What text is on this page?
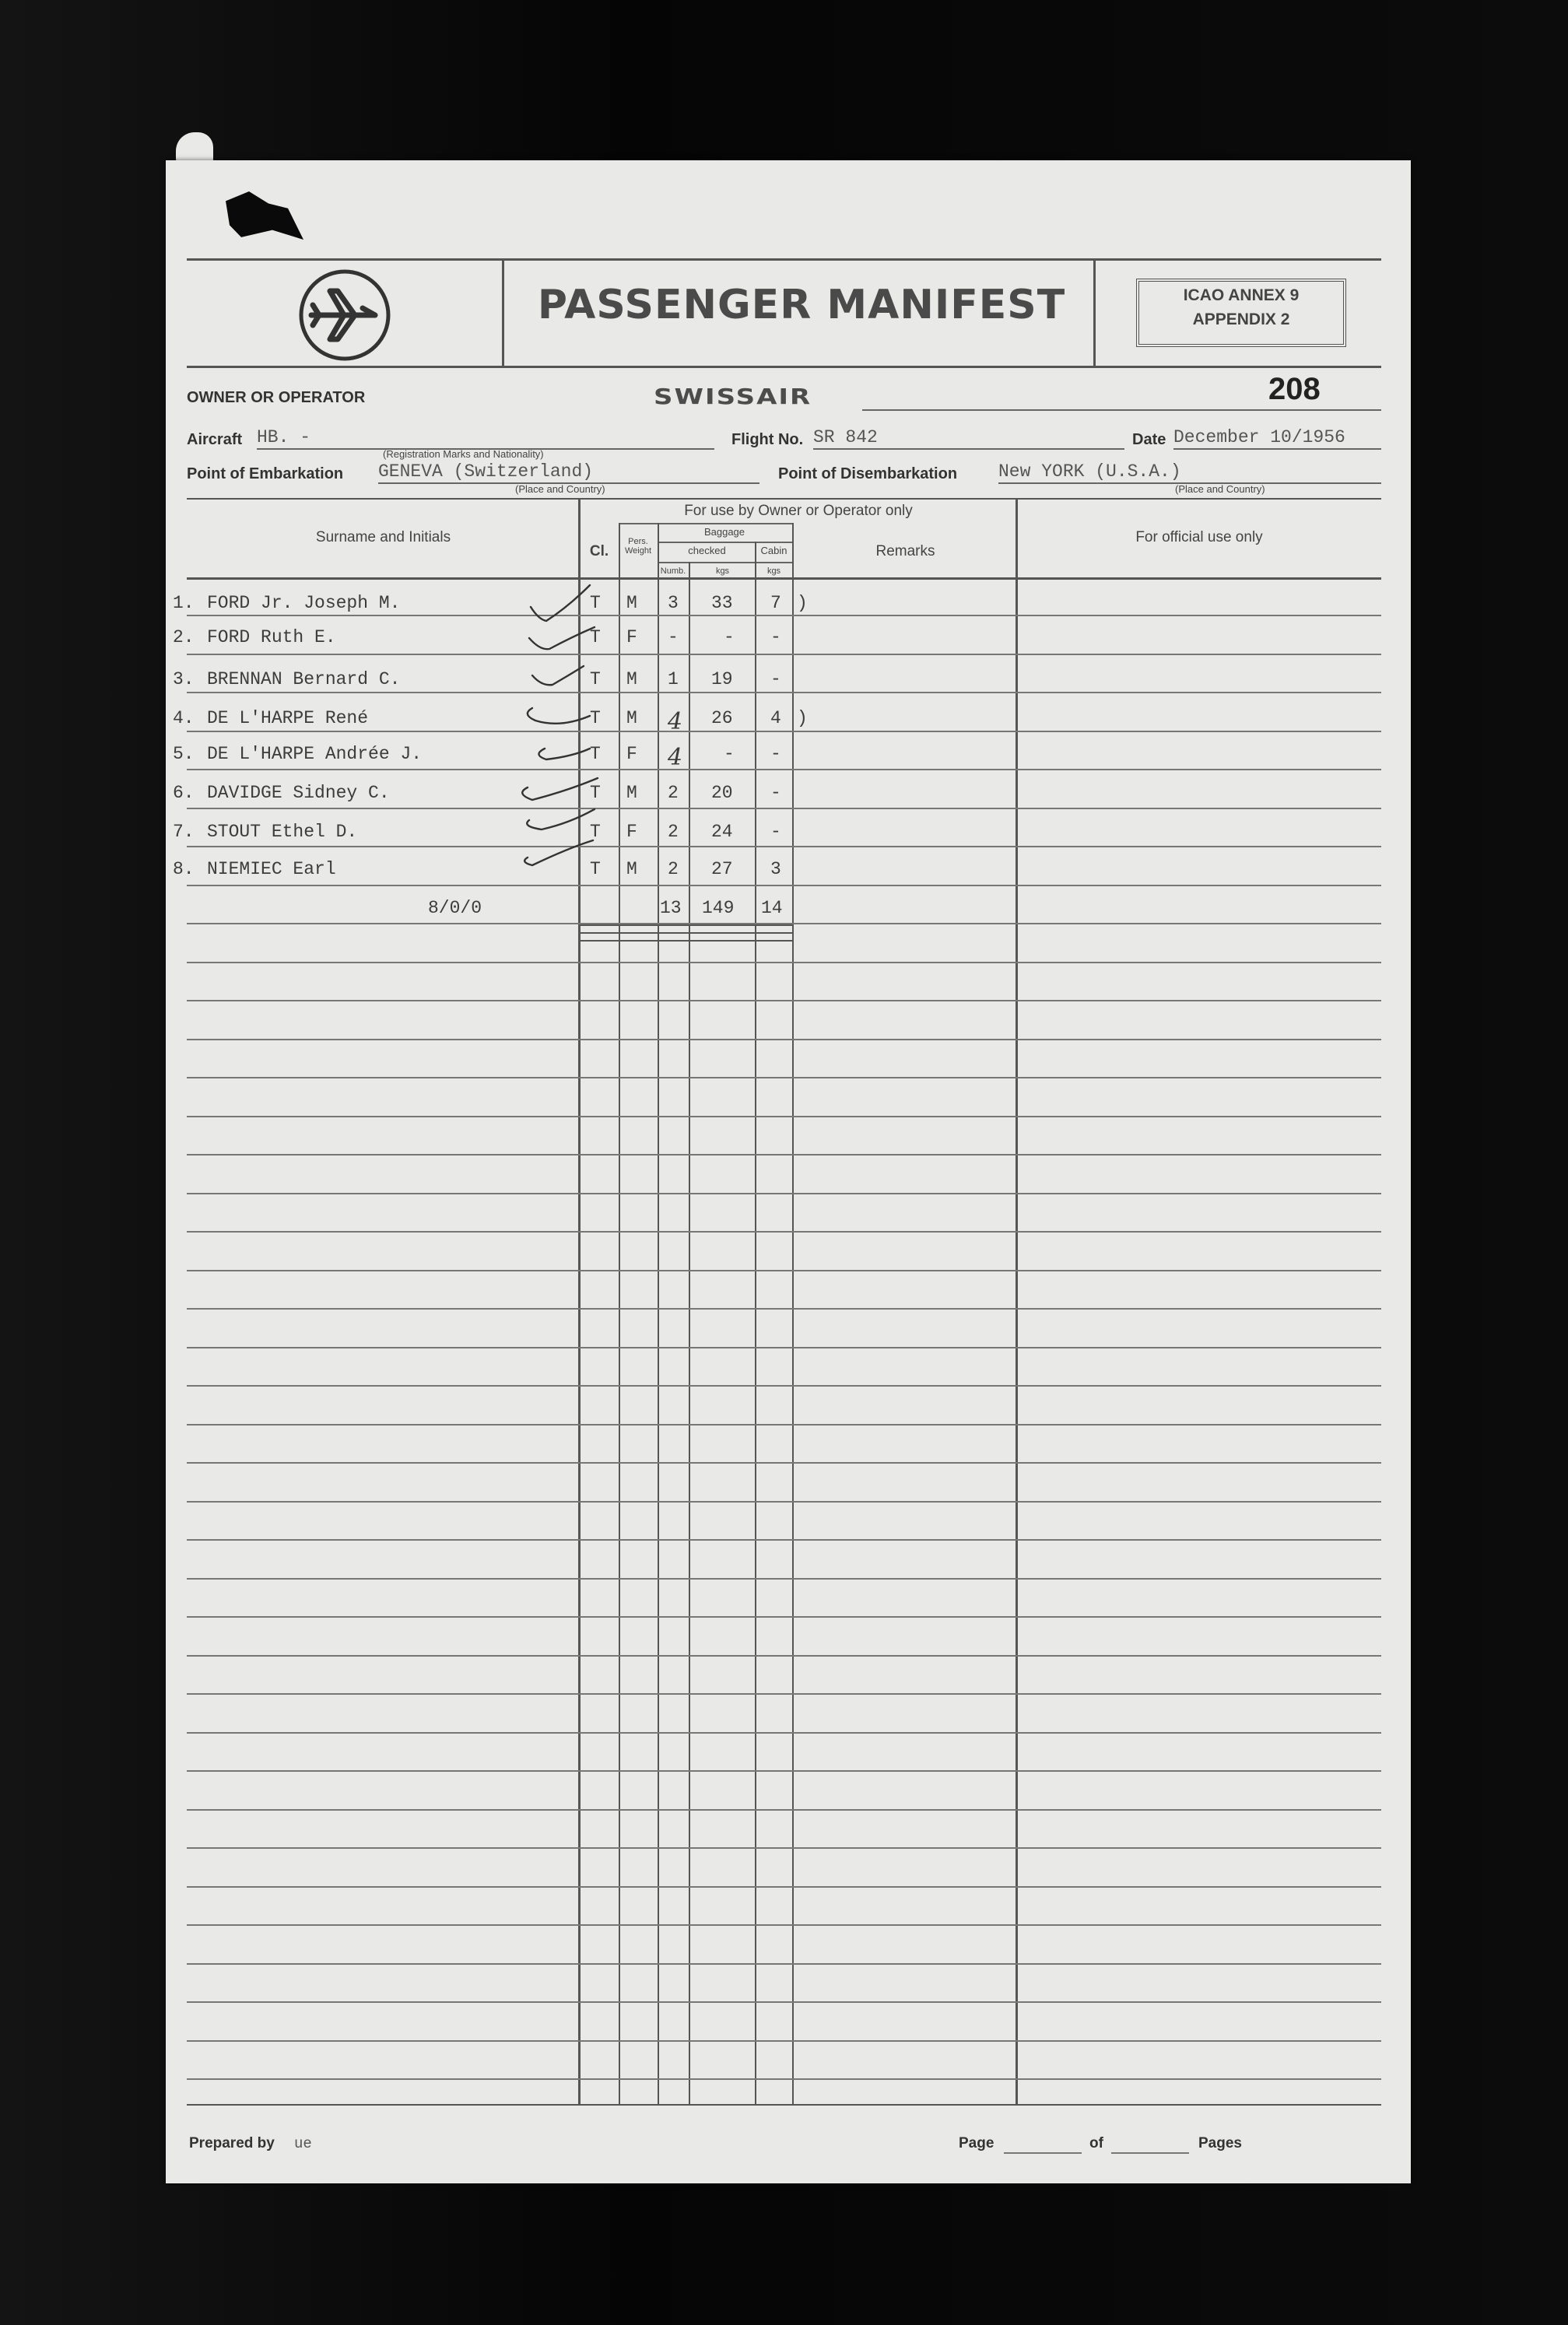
PASSENGER MANIFEST	ICAO ANNEX 9
APPENDIX 2
OWNER OR OPERATOR	SWISSAIR	208
Aircraft HB. -
(Registration Marks and Nationality)
Flight No. SR 842	Date December 10/1956
Point of Embarkation GENEVA (Switzerland)
(Place and Country)
Point of Disembarkation New YORK (U.S.A.)
(Place and Country)
Surname and Initials
For use by Owner or Operator only
Cl.
Pers. Weight
Baggage
checked	Cabin
Numb.	kgs	kgs
Remarks
For official use only
1. FORD Jr. Joseph M.	T M 3 33 7 )
2. FORD Ruth E.	T F -	- -
3. BRENNAN Bernard C.	T M 1 19 -
4. DE L'HARPE René	T M 4 26 4 )
5. DE L'HARPE Andrée J.	T F 4 - -
6. DAVIDGE Sidney C.	T M 2 20 -
7. STOUT Ethel D.	T F 2 24 -
8. NIEMIEC Earl	T M 2 27 3
8/0/0	13 149 14
Prepared by ue	Page	of	Pages
